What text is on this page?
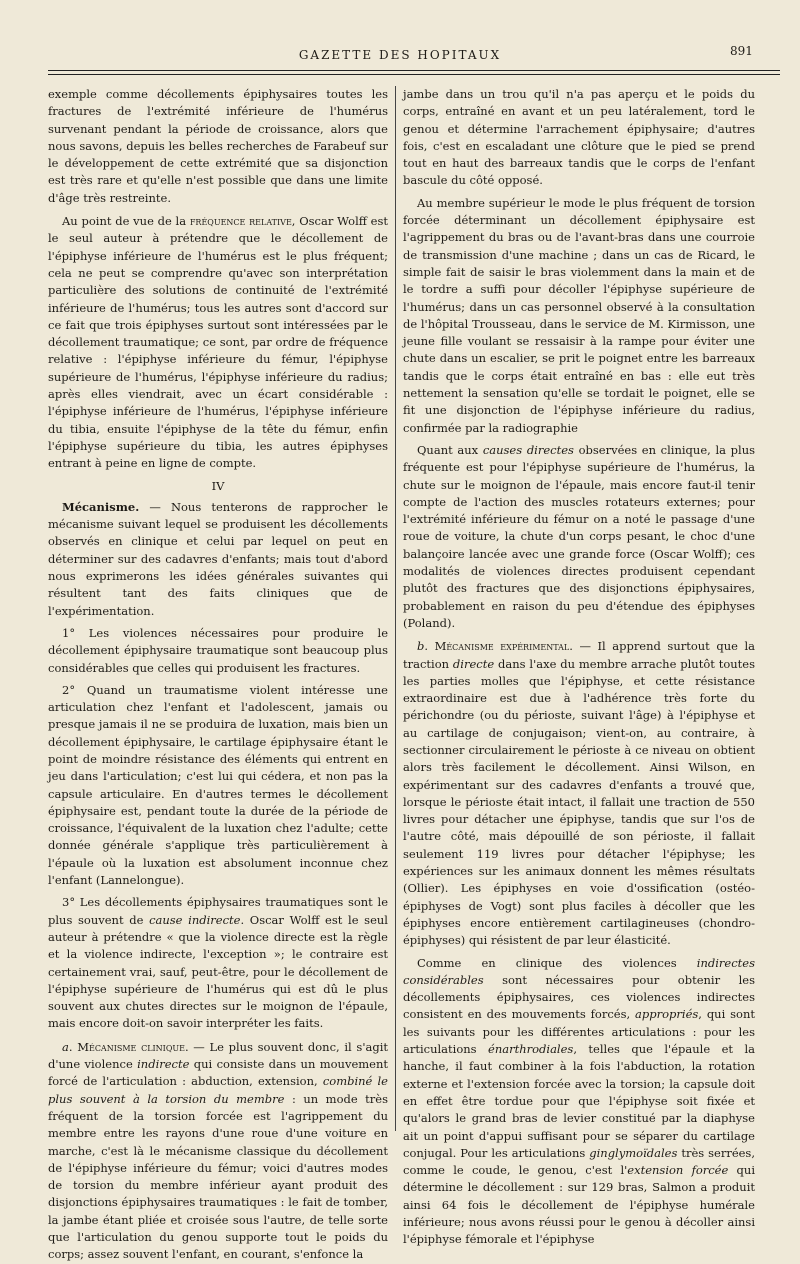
GAZETTE DES HOPITAUX	891

exemple comme décollements épiphysaires toutes les fractures de l'extrémité inférieure de l'humérus survenant pendant la période de croissance, alors que nous savons, depuis les belles recherches de Farabeuf sur le développement de cette extrémité que sa disjonction est très rare et qu'elle n'est possible que dans une limite d'âge très restreinte.

Au point de vue de la fréquence relative, Oscar Wolff est le seul auteur à prétendre que le décollement de l'épiphyse inférieure de l'humérus est le plus fréquent; cela ne peut se comprendre qu'avec son interprétation particulière des solutions de continuité de l'extrémité inférieure de l'humérus; tous les autres sont d'accord sur ce fait que trois épiphyses surtout sont intéressées par le décollement traumatique; ce sont, par ordre de fréquence relative : l'épiphyse inférieure du fémur, l'épiphyse supérieure de l'humérus, l'épiphyse inférieure du radius; après elles viendrait, avec un écart considérable : l'épiphyse inférieure de l'humérus, l'épiphyse inférieure du tibia, ensuite l'épiphyse de la tête du fémur, enfin l'épiphyse supérieure du tibia, les autres épiphyses entrant à peine en ligne de compte.

IV

Mécanisme. — Nous tenterons de rapprocher le mécanisme suivant lequel se produisent les décollements observés en clinique et celui par lequel on peut en déterminer sur des cadavres d'enfants; mais tout d'abord nous exprimerons les idées générales suivantes qui résultent tant des faits cliniques que de l'expérimentation.

1° Les violences nécessaires pour produire le décollement épiphysaire traumatique sont beaucoup plus considérables que celles qui produisent les fractures.

2° Quand un traumatisme violent intéresse une articulation chez l'enfant et l'adolescent, jamais ou presque jamais il ne se produira de luxation, mais bien un décollement épiphysaire, le cartilage épiphysaire étant le point de moindre résistance des éléments qui entrent en jeu dans l'articulation; c'est lui qui cédera, et non pas la capsule articulaire. En d'autres termes le décollement épiphysaire est, pendant toute la durée de la période de croissance, l'équivalent de la luxation chez l'adulte; cette donnée générale s'applique très particulièrement à l'épaule où la luxation est absolument inconnue chez l'enfant (Lannelongue).

3° Les décollements épiphysaires traumatiques sont le plus souvent de cause indirecte. Oscar Wolff est le seul auteur à prétendre « que la violence directe est la règle et la violence indirecte, l'exception »; le contraire est certainement vrai, sauf, peut-être, pour le décollement de l'épiphyse supérieure de l'humérus qui est dû le plus souvent aux chutes directes sur le moignon de l'épaule, mais encore doit-on savoir interpréter les faits.

a. Mécanisme clinique. — Le plus souvent donc, il s'agit d'une violence indirecte qui consiste dans un mouvement forcé de l'articulation : abduction, extension, combiné le plus souvent à la torsion du membre : un mode très fréquent de la torsion forcée est l'agrippement du membre entre les rayons d'une roue d'une voiture en marche, c'est là le mécanisme classique du décollement de l'épiphyse inférieure du fémur; voici d'autres modes de torsion du membre inférieur ayant produit des disjonctions épiphysaires traumatiques : le fait de tomber, la jambe étant pliée et croisée sous l'autre, de telle sorte que l'articulation du genou supporte tout le poids du corps; assez souvent l'enfant, en courant, s'enfonce la

jambe dans un trou qu'il n'a pas aperçu et le poids du corps, entraîné en avant et un peu latéralement, tord le genou et détermine l'arrachement épiphysaire; d'autres fois, c'est en escaladant une clôture que le pied se prend tout en haut des barreaux tandis que le corps de l'enfant bascule du côté opposé.

Au membre supérieur le mode le plus fréquent de torsion forcée déterminant un décollement épiphysaire est l'agrippement du bras ou de l'avant-bras dans une courroie de transmission d'une machine ; dans un cas de Ricard, le simple fait de saisir le bras violemment dans la main et de le tordre a suffi pour décoller l'épiphyse supérieure de l'humérus; dans un cas personnel observé à la consultation de l'hôpital Trousseau, dans le service de M. Kirmisson, une jeune fille voulant se ressaisir à la rampe pour éviter une chute dans un escalier, se prit le poignet entre les barreaux tandis que le corps était entraîné en bas : elle eut très nettement la sensation qu'elle se tordait le poignet, elle se fit une disjonction de l'épiphyse inférieure du radius, confirmée par la radiographie

Quant aux causes directes observées en clinique, la plus fréquente est pour l'épiphyse supérieure de l'humérus, la chute sur le moignon de l'épaule, mais encore faut-il tenir compte de l'action des muscles rotateurs externes; pour l'extrémité inférieure du fémur on a noté le passage d'une roue de voiture, la chute d'un corps pesant, le choc d'une balançoire lancée avec une grande force (Oscar Wolff); ces modalités de violences directes produisent cependant plutôt des fractures que des disjonctions épiphysaires, probablement en raison du peu d'étendue des épiphyses (Poland).

b. Mécanisme expérimental. — Il apprend surtout que la traction directe dans l'axe du membre arrache plutôt toutes les parties molles que l'épiphyse, et cette résistance extraordinaire est due à l'adhérence très forte du périchondre (ou du périoste, suivant l'âge) à l'épiphyse et au cartilage de conjugaison; vient-on, au contraire, à sectionner circulairement le périoste à ce niveau on obtient alors très facilement le décollement. Ainsi Wilson, en expérimentant sur des cadavres d'enfants a trouvé que, lorsque le périoste était intact, il fallait une traction de 550 livres pour détacher une épiphyse, tandis que sur l'os de l'autre côté, mais dépouillé de son périoste, il fallait seulement 119 livres pour détacher l'épiphyse; les expériences sur les animaux donnent les mêmes résultats (Ollier). Les épiphyses en voie d'ossification (ostéo-épiphyses de Vogt) sont plus faciles à décoller que les épiphyses encore entièrement cartilagineuses (chondro-épiphyses) qui résistent de par leur élasticité.

Comme en clinique des violences indirectes considérables sont nécessaires pour obtenir les décollements épiphysaires, ces violences indirectes consistent en des mouvements forcés, appropriés, qui sont les suivants pour les différentes articulations : pour les articulations énarthrodiales, telles que l'épaule et la hanche, il faut combiner à la fois l'abduction, la rotation externe et l'extension forcée avec la torsion; la capsule doit en effet être tordue pour que l'épiphyse soit fixée et qu'alors le grand bras de levier constitué par la diaphyse ait un point d'appui suffisant pour se séparer du cartilage conjugal. Pour les articulations ginglymoïdales très serrées, comme le coude, le genou, c'est l'extension forcée qui détermine le décollement : sur 129 bras, Salmon a produit ainsi 64 fois le décollement de l'épiphyse humérale inférieure; nous avons réussi pour le genou à décoller ainsi l'épiphyse fémorale et l'épiphyse
